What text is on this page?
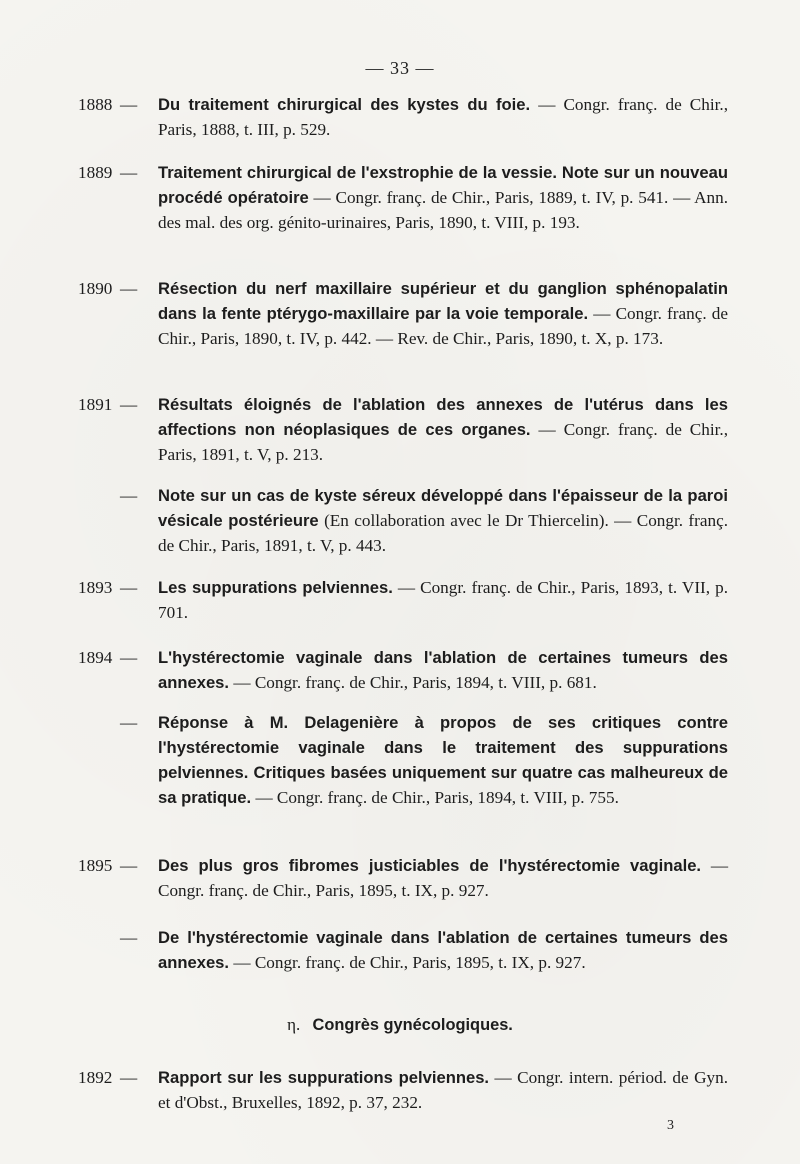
— 33 —
1888 — Du traitement chirurgical des kystes du foie. — Congr. franç. de Chir., Paris, 1888, t. III, p. 529.
1889 — Traitement chirurgical de l'exstrophie de la vessie. Note sur un nouveau procédé opératoire — Congr. franç. de Chir., Paris, 1889, t. IV, p. 541. — Ann. des mal. des org. génito-urinaires, Paris, 1890, t. VIII, p. 193.
1890 — Résection du nerf maxillaire supérieur et du ganglion sphénopalatin dans la fente ptérygo-maxillaire par la voie temporale. — Congr. franç. de Chir., Paris, 1890, t. IV, p. 442. — Rev. de Chir., Paris, 1890, t. X, p. 173.
1891 — Résultats éloignés de l'ablation des annexes de l'utérus dans les affections non néoplasiques de ces organes. — Congr. franç. de Chir., Paris, 1891, t. V, p. 213.
— Note sur un cas de kyste séreux développé dans l'épaisseur de la paroi vésicale postérieure (En collaboration avec le Dr Thiercelin). — Congr. franç. de Chir., Paris, 1891, t. V, p. 443.
1893 — Les suppurations pelviennes. — Congr. franç. de Chir., Paris, 1893, t. VII, p. 701.
1894 — L'hystérectomie vaginale dans l'ablation de certaines tumeurs des annexes. — Congr. franç. de Chir., Paris, 1894, t. VIII, p. 681.
— Réponse à M. Delagenière à propos de ses critiques contre l'hystérectomie vaginale dans le traitement des suppurations pelviennes. Critiques basées uniquement sur quatre cas malheureux de sa pratique. — Congr. franç. de Chir., Paris, 1894, t. VIII, p. 755.
1895 — Des plus gros fibromes justiciables de l'hystérectomie vaginale. — Congr. franç. de Chir., Paris, 1895, t. IX, p. 927.
— De l'hystérectomie vaginale dans l'ablation de certaines tumeurs des annexes. — Congr. franç. de Chir., Paris, 1895, t. IX, p. 927.
η. Congrès gynécologiques.
1892 — Rapport sur les suppurations pelviennes. — Congr. intern. périod. de Gyn. et d'Obst., Bruxelles, 1892, p. 37, 232.
3
